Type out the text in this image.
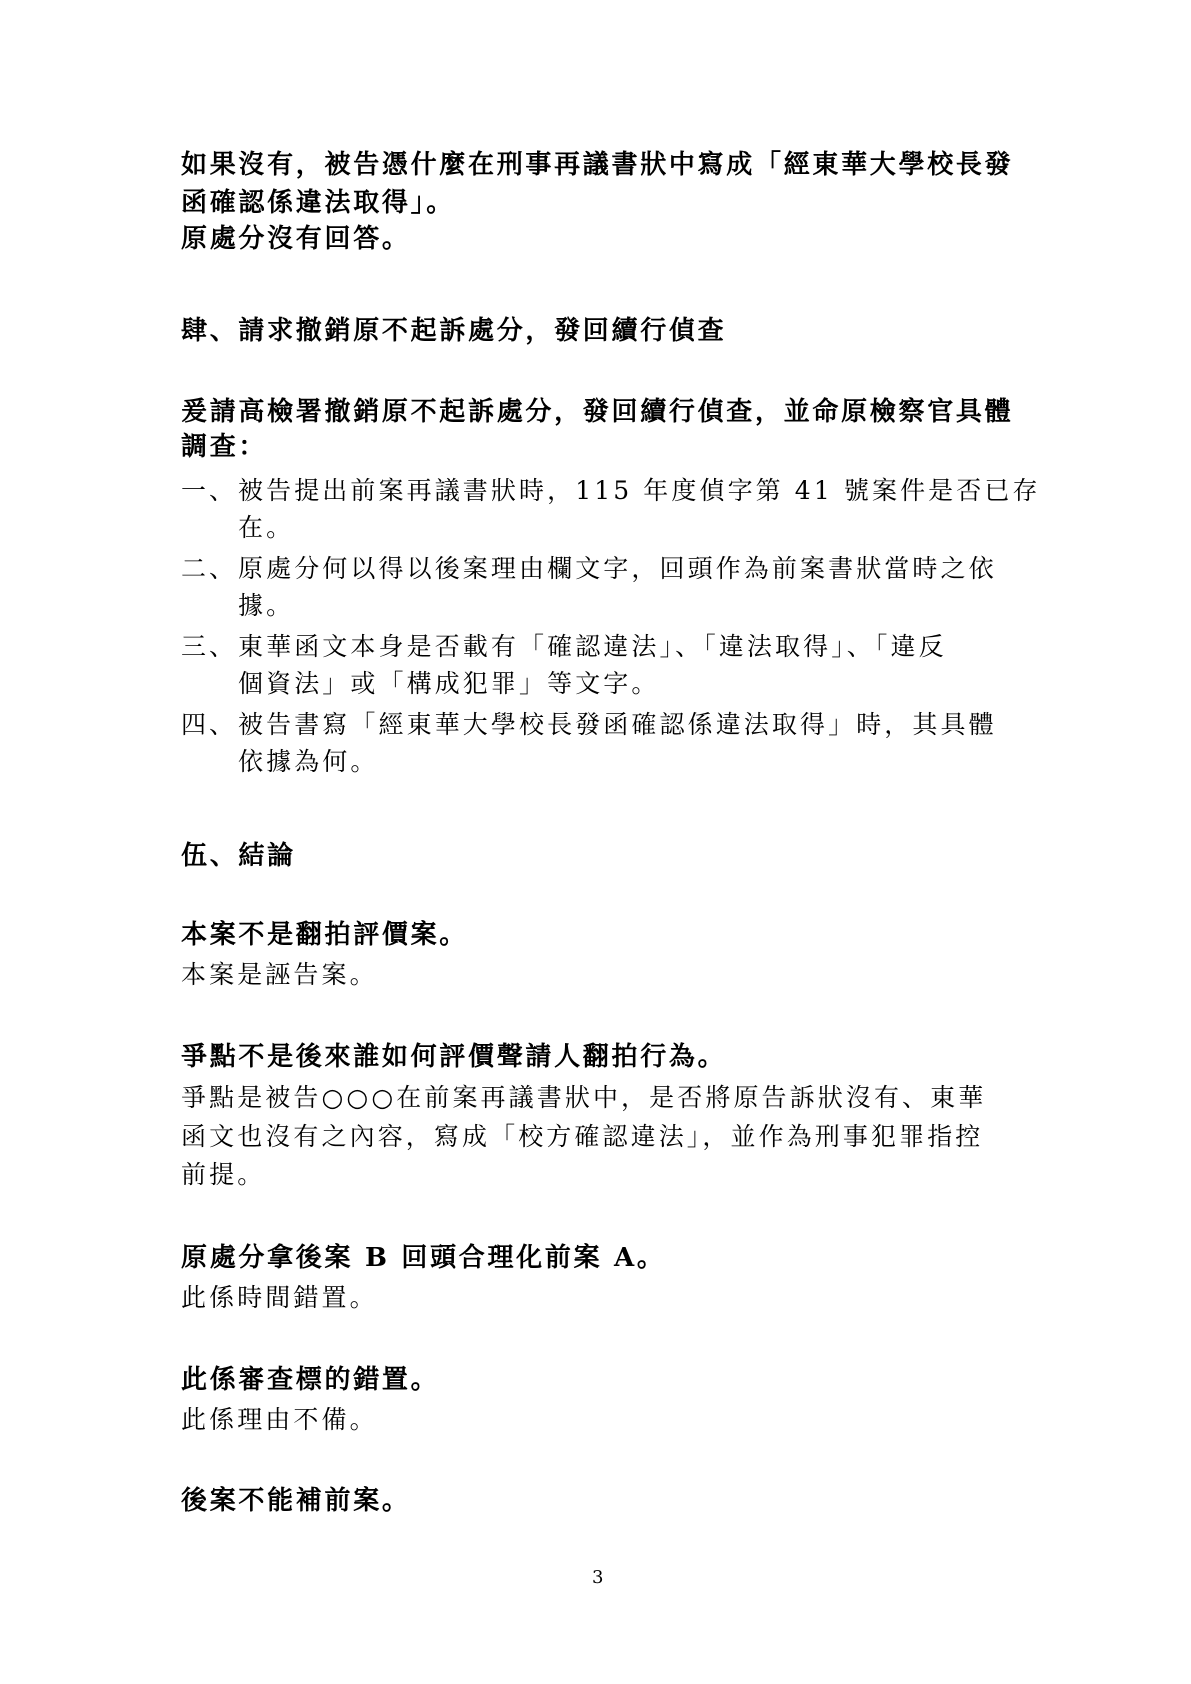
如果沒有，被告憑什麼在刑事再議書狀中寫成「經東華大學校長發

函確認係違法取得」。

原處分沒有回答。

肆、請求撤銷原不起訴處分，發回續行偵查

爰請高檢署撤銷原不起訴處分，發回續行偵查，並命原檢察官具體

調查：

一、 被告提出前案再議書狀時，115 年度偵字第 41 號案件是否已存

在。

二、 原處分何以得以後案理由欄文字，回頭作為前案書狀當時之依

據。

三、 東華函文本身是否載有「確認違法」、「違法取得」、「違反

個資法」或「構成犯罪」等文字。

四、 被告書寫「經東華大學校長發函確認係違法取得」時，其具體

依據為何。

伍、結論

本案不是翻拍評價案。

本案是誣告案。

爭點不是後來誰如何評價聲請人翻拍行為。

爭點是被告○○○在前案再議書狀中，是否將原告訴狀沒有、東華

函文也沒有之內容，寫成「校方確認違法」，並作為刑事犯罪指控

前提。

原處分拿後案 B 回頭合理化前案 A。

此係時間錯置。

此係審查標的錯置。

此係理由不備。

後案不能補前案。

3
